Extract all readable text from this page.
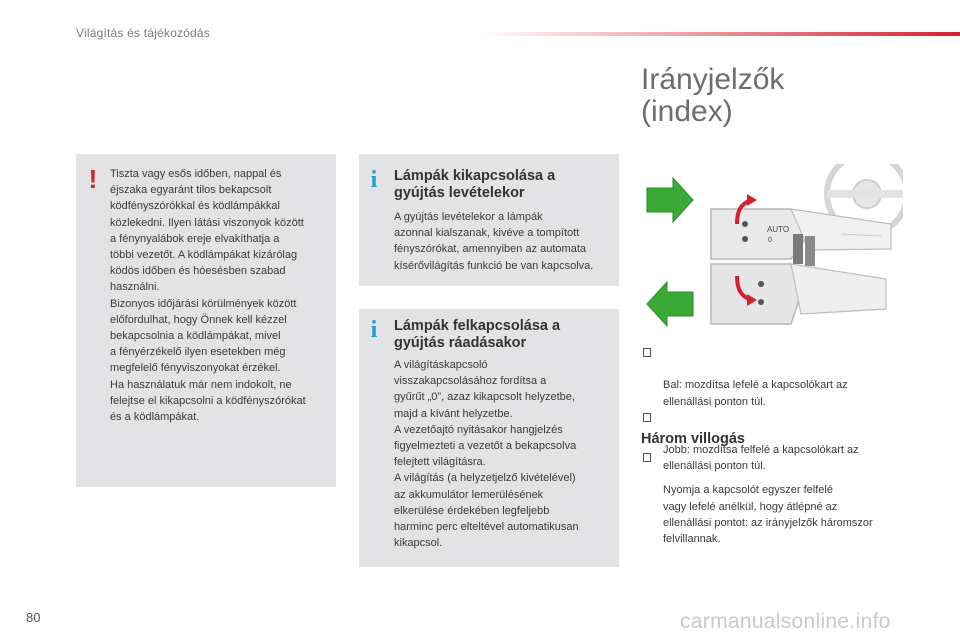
Világítás és tájékozódás
! Tiszta vagy esős időben, nappal és
éjszaka egyaránt tilos bekapcsolt
ködfényszórókkal és ködlámpákkal
közlekedni. Ilyen látási viszonyok között
a fénynyalábok ereje elvakíthatja a
többi vezetőt. A ködlámpákat kizárólag
ködös időben és hóesésben szabad
használni.
Bizonyos időjárási körülmények között
előfordulhat, hogy Önnek kell kézzel
bekapcsolnia a ködlámpákat, mivel
a fényérzékelő ilyen esetekben még
megfelelő fényviszonyokat érzékel.
Ha használatuk már nem indokolt, ne
felejtse el kikapcsolni a ködfényszórókat
és a ködlámpákat.
i Lámpák kikapcsolása a
gyújtás levételekor
A gyújtás levételekor a lámpák
azonnal kialszanak, kivéve a tompított
fényszórókat, amennyiben az automata
kísérővilágítás funkció be van kapcsolva.
i Lámpák felkapcsolása a
gyújtás ráadásakor
A világításkapcsoló
visszakapcsolásához fordítsa a
gyűrűt „0”, azaz kikapcsolt helyzetbe,
majd a kívánt helyzetbe.
A vezetőajtó nyitásakor hangjelzés
figyelmezteti a vezetőt a bekapcsolva
felejtett világításra.
A világítás (a helyzetjelző kivételével)
az akkumulátor lemerülésének
elkerülése érdekében legfeljebb
harminc perc elteltével automatikusan
kikapcsol.
Irányjelzők
(index)
AUTO
0

Bal: mozdítsa lefelé a kapcsolókart az
ellenállási ponton túl.

Jobb: mozdítsa felfelé a kapcsolókart az
ellenállási ponton túl.

Három villogás

Nyomja a kapcsolót egyszer felfelé
vagy lefelé anélkül, hogy átlépné az
ellenállási pontot: az irányjelzők háromszor
felvillannak.

80	carmanualsonline.info
